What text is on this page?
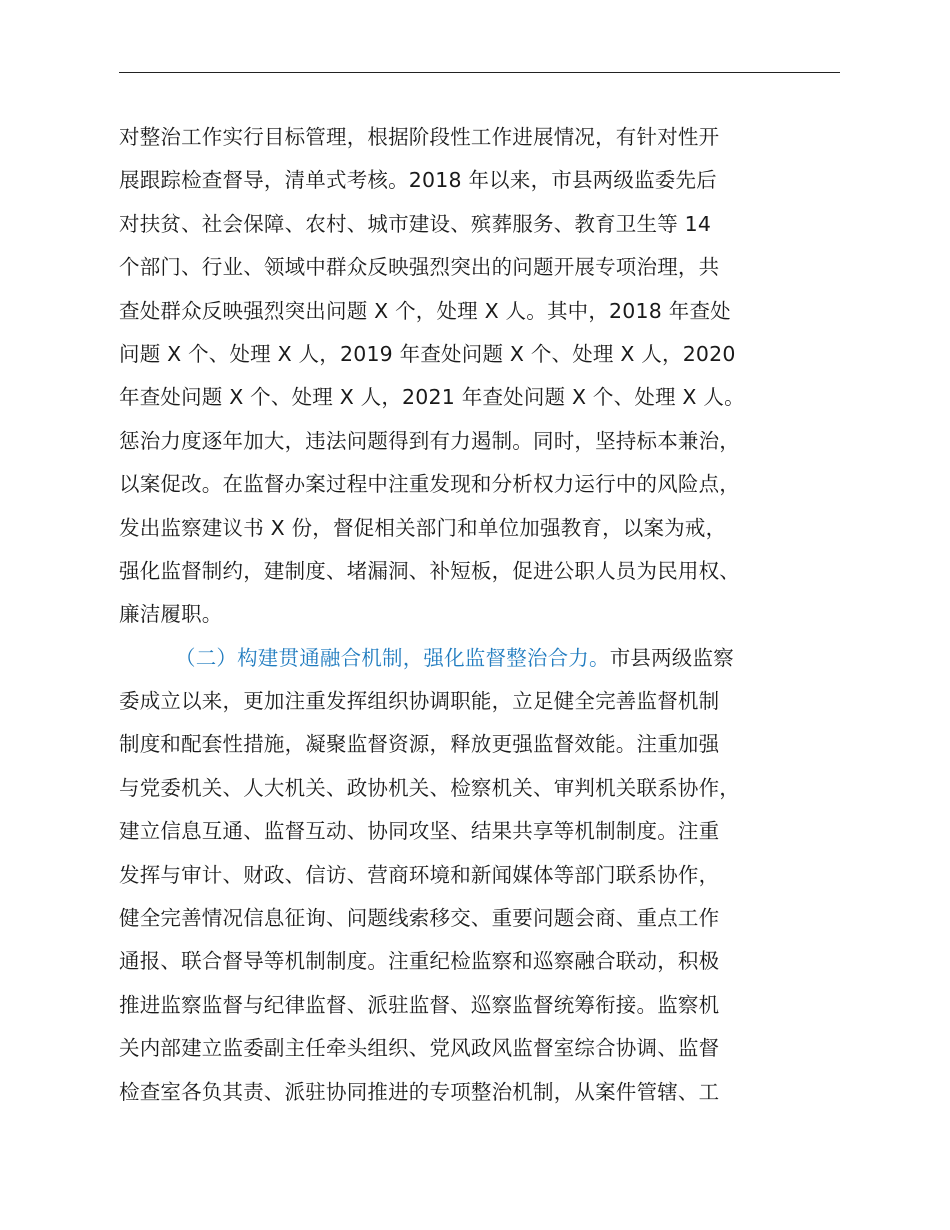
对整治工作实行目标管理，根据阶段性工作进展情况，有针对性开
展跟踪检查督导，清单式考核。2018 年以来，市县两级监委先后
对扶贫、社会保障、农村、城市建设、殡葬服务、教育卫生等 14
个部门、行业、领域中群众反映强烈突出的问题开展专项治理，共
查处群众反映强烈突出问题 X 个，处理 X 人。其中，2018 年查处
问题 X 个、处理 X 人，2019 年查处问题 X 个、处理 X 人，2020
年查处问题 X 个、处理 X 人，2021 年查处问题 X 个、处理 X 人。
惩治力度逐年加大，违法问题得到有力遏制。同时，坚持标本兼治，
以案促改。在监督办案过程中注重发现和分析权力运行中的风险点，
发出监察建议书 X 份，督促相关部门和单位加强教育，以案为戒，
强化监督制约，建制度、堵漏洞、补短板，促进公职人员为民用权、
廉洁履职。
（二）构建贯通融合机制，强化监督整治合力。市县两级监察
委成立以来，更加注重发挥组织协调职能，立足健全完善监督机制
制度和配套性措施，凝聚监督资源，释放更强监督效能。注重加强
与党委机关、人大机关、政协机关、检察机关、审判机关联系协作，
建立信息互通、监督互动、协同攻坚、结果共享等机制制度。注重
发挥与审计、财政、信访、营商环境和新闻媒体等部门联系协作，
健全完善情况信息征询、问题线索移交、重要问题会商、重点工作
通报、联合督导等机制制度。注重纪检监察和巡察融合联动，积极
推进监察监督与纪律监督、派驻监督、巡察监督统筹衔接。监察机
关内部建立监委副主任牵头组织、党风政风监督室综合协调、监督
检查室各负其责、派驻协同推进的专项整治机制，从案件管辖、工
